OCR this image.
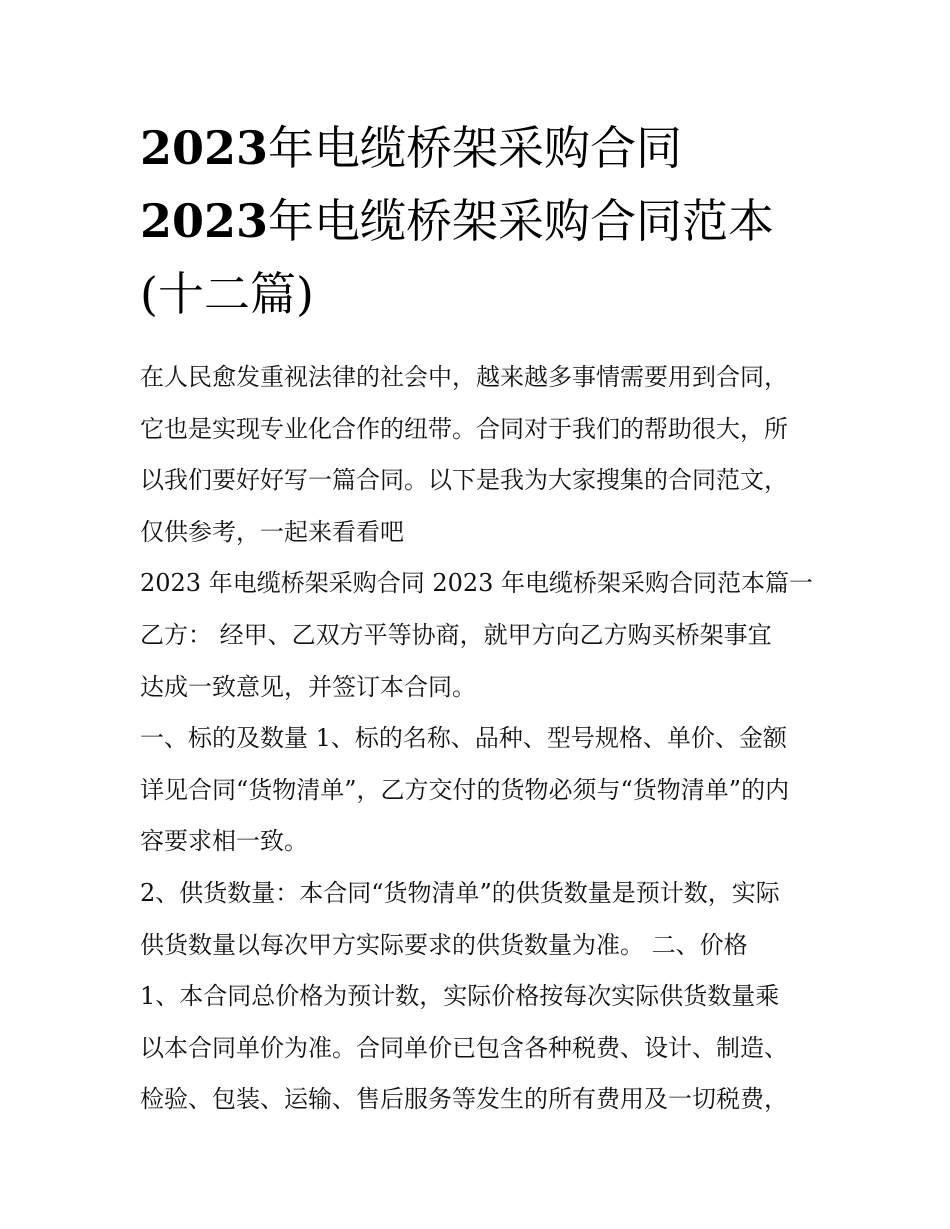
2023年电缆桥架采购合同

2023年电缆桥架采购合同范本

(十二篇)

在人民愈发重视法律的社会中，越来越多事情需要用到合同，

它也是实现专业化合作的纽带。合同对于我们的帮助很大，所

以我们要好好写一篇合同。以下是我为大家搜集的合同范文，

仅供参考，一起来看看吧

2023 年电缆桥架采购合同 2023 年电缆桥架采购合同范本篇一

乙方： 经甲、乙双方平等协商，就甲方向乙方购买桥架事宜

达成一致意见，并签订本合同。

一、标的及数量 1、标的名称、品种、型号规格、单价、金额

详见合同“货物清单”，乙方交付的货物必须与“货物清单”的内

容要求相一致。

2、供货数量：本合同“货物清单”的供货数量是预计数，实际

供货数量以每次甲方实际要求的供货数量为准。 二、价格

1、本合同总价格为预计数，实际价格按每次实际供货数量乘

以本合同单价为准。合同单价已包含各种税费、设计、制造、

检验、包装、运输、售后服务等发生的所有费用及一切税费，
